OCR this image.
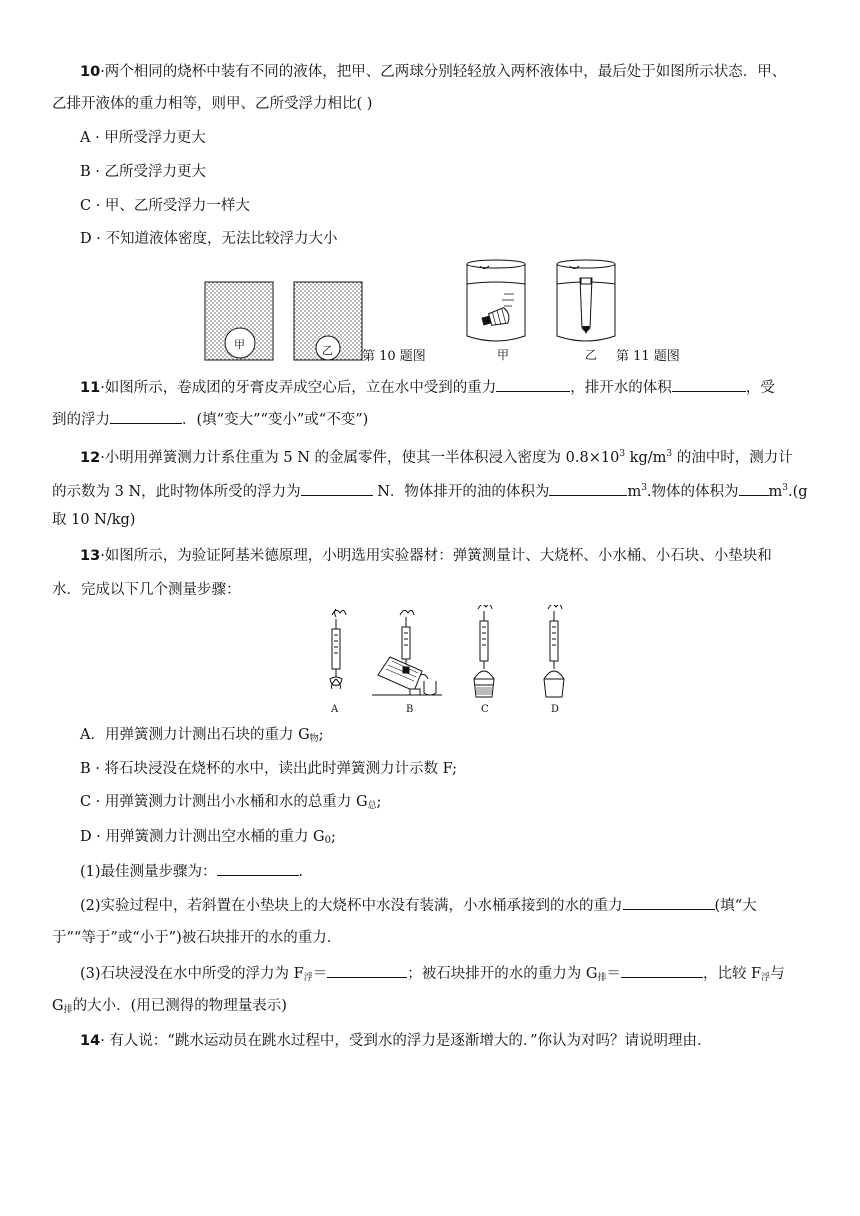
10·两个相同的烧杯中装有不同的液体，把甲、乙两球分别轻轻放入两杯液体中，最后处于如图所示状态．甲、
乙排开液体的重力相等，则甲、乙所受浮力相比( )
A · 甲所受浮力更大
B · 乙所受浮力更大
C · 甲、乙所受浮力一样大
D · 不知道液体密度，无法比较浮力大小
甲	乙 第 10 题图	甲	乙 第 11 题图
11·如图所示，卷成团的牙膏皮弄成空心后，立在水中受到的重力	，排开水的体积	，受
到的浮力	．(填“变大”“变小”或“不变”)
12·小明用弹簧测力计系住重为 5 N 的金属零件，使其一半体积浸入密度为 $0.8\times 10^3$ $kg/m^3$ 的油中时，测力计
的示数为 3 N，此时物体所受的浮力为	N．物体排开的油的体积为	$m^3$.物体的体积为 $m^3.(g$
取 10 N/kg)
13·如图所示，为验证阿基米德原理，小明选用实验器材：弹簧测量计、大烧杯、小水桶、小石块、小垫块和
水．完成以下几个测量步骤：
A	B	C	D
A．用弹簧测力计测出石块的重力 $G_物$;
B · 将石块浸没在烧杯的水中，读出此时弹簧测力计示数 F;
C · 用弹簧测力计测出小水桶和水的总重力 $G_总$;
D · 用弹簧测力计测出空水桶的重力 $G_0$;
(1)最佳测量步骤为：	．
(2)实验过程中，若斜置在小垫块上的大烧杯中水没有装满，小水桶承接到的水的重力	(填“大
于”“等于”或“小于”)被石块排开的水的重力．
(3)石块浸没在水中所受的浮力为 $F_浮=$	；被石块排开的水的重力为 $G_排=$	，比较 $F_浮$与
$G_排$的大小．(用已测得的物理量表示)
14· 有人说：“跳水运动员在跳水过程中，受到水的浮力是逐渐增大的．”你认为对吗？请说明理由．
